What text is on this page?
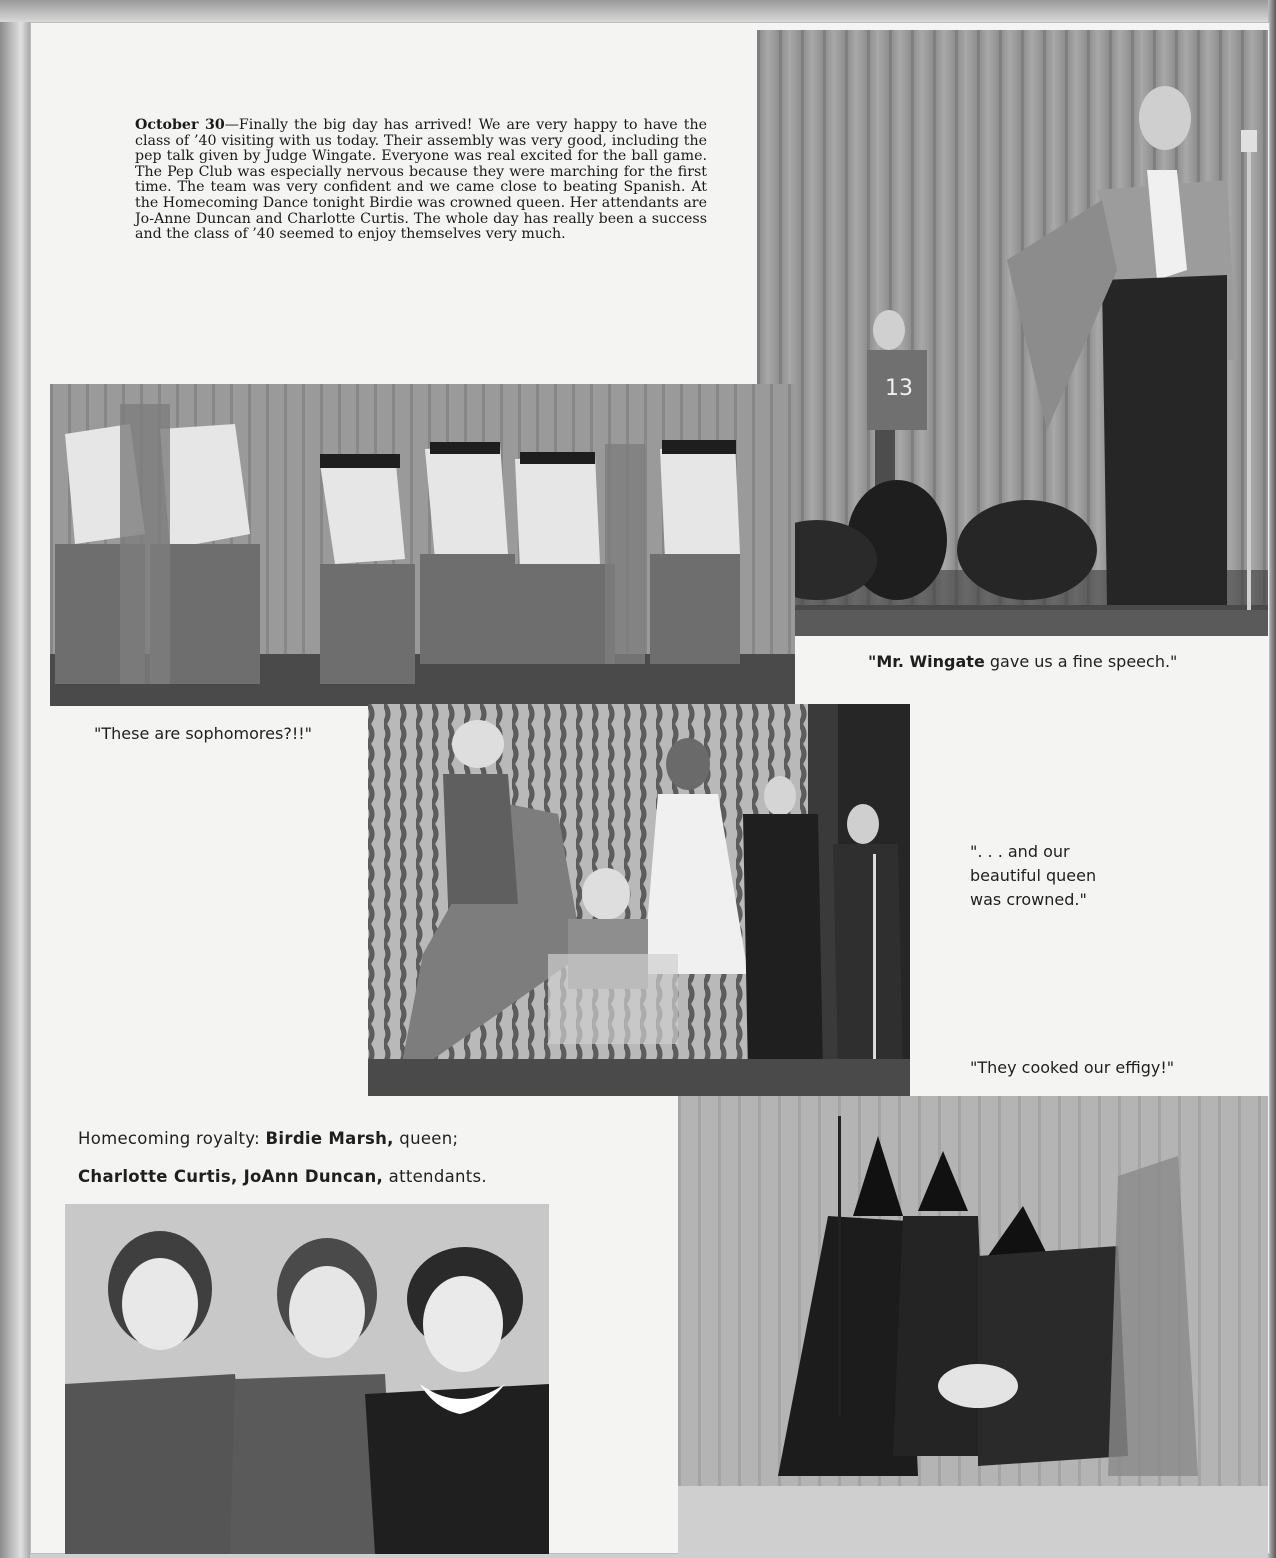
October 30—Finally the big day has arrived! We are very happy to have the class of ’40 visiting with us today. Their assembly was very good, including the pep talk given by Judge Wingate. Everyone was real excited for the ball game. The Pep Club was especially nervous because they were marching for the first time. The team was very confident and we came close to beating Spanish. At the Homecoming Dance tonight Birdie was crowned queen. Her attendants are Jo-Anne Duncan and Charlotte Curtis. The whole day has really been a success and the class of ’40 seemed to enjoy themselves very much.
13
"Mr. Wingate gave us a fine speech."
"These are sophomores?!!"
". . . and our
beautiful queen
was crowned."
"They cooked our effigy!"
Homecoming royalty: Birdie Marsh, queen;
Charlotte Curtis, JoAnn Duncan, attendants.
